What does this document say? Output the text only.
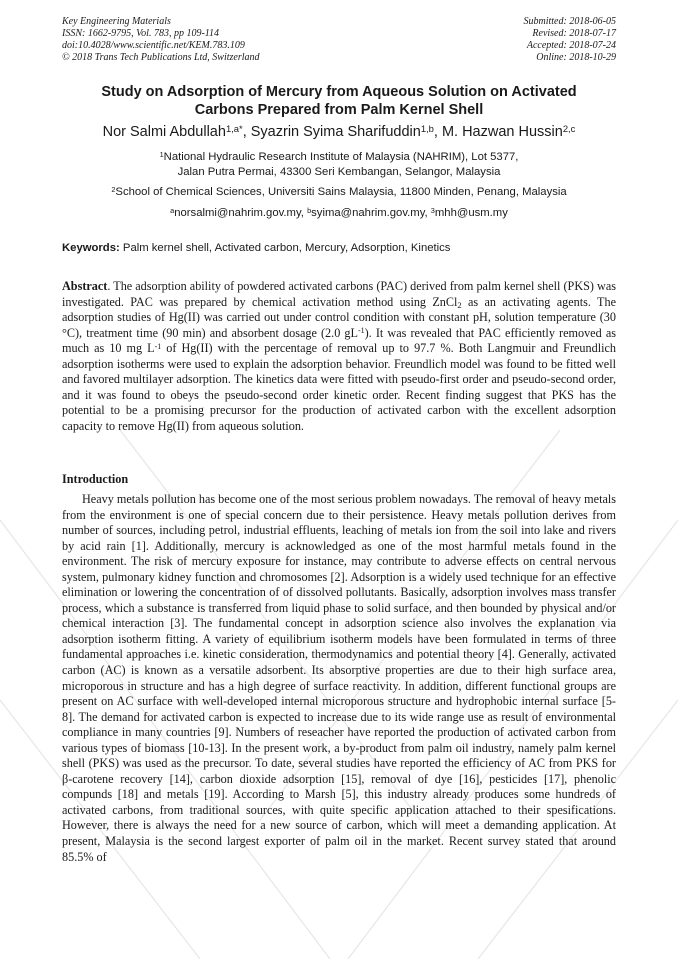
Key Engineering Materials
ISSN: 1662-9795, Vol. 783, pp 109-114
doi:10.4028/www.scientific.net/KEM.783.109
© 2018 Trans Tech Publications Ltd, Switzerland
Submitted: 2018-06-05
Revised: 2018-07-17
Accepted: 2018-07-24
Online: 2018-10-29
Study on Adsorption of Mercury from Aqueous Solution on Activated
Carbons Prepared from Palm Kernel Shell
Nor Salmi Abdullah$^{1,a*}$, Syazrin Syima Sharifuddin$^{1,b}$, M. Hazwan Hussin$^{2,c}$
$^1$National Hydraulic Research Institute of Malaysia (NAHRIM), Lot 5377,
Jalan Putra Permai, 43300 Seri Kembangan, Selangor, Malaysia
$^2$School of Chemical Sciences, Universiti Sains Malaysia, 11800 Minden, Penang, Malaysia
$^a$norsalmi@nahrim.gov.my, $^b$syima@nahrim.gov.my, $^3$mhh@usm.my
Keywords: Palm kernel shell, Activated carbon, Mercury, Adsorption, Kinetics
Abstract. The adsorption ability of powdered activated carbons (PAC) derived from palm kernel shell (PKS) was investigated. PAC was prepared by chemical activation method using ZnCl$_2$ as an activating agents. The adsorption studies of Hg(II) was carried out under control condition with constant pH, solution temperature (30 °C), treatment time (90 min) and absorbent dosage (2.0 $gL^{-1}$). It was revealed that PAC efficiently removed as much as 10 mg $L^{-1}$ of Hg(II) with the percentage of removal up to 97.7 %. Both Langmuir and Freundlich adsorption isotherms were used to explain the adsorption behavior. Freundlich model was found to be fitted well and favored multilayer adsorption. The kinetics data were fitted with pseudo-first order and pseudo-second order, and it was found to obeys the pseudo-second order kinetic order. Recent finding suggest that PKS has the potential to be a promising precursor for the production of activated carbon with the excellent adsorption capacity to remove Hg(II) from aqueous solution.
Introduction
Heavy metals pollution has become one of the most serious problem nowadays. The removal of heavy metals from the environment is one of special concern due to their persistence. Heavy metals pollution derives from number of sources, including petrol, industrial effluents, leaching of metals ion from the soil into lake and rivers by acid rain [1]. Additionally, mercury is acknowledged as one of the most harmful metals found in the environment. The risk of mercury exposure for instance, may contribute to adverse effects on central nervous system, pulmonary kidney function and chromosomes [2]. Adsorption is a widely used technique for an effective elimination or lowering the concentration of of dissolved pollutants. Basically, adsorption involves mass transfer process, which a substance is transferred from liquid phase to solid surface, and then bounded by physical and/or chemical interaction [3]. The fundamental concept in adsorption science also involves the explanation via adsorption isotherm fitting. A variety of equilibrium isotherm models have been formulated in terms of three fundamental approaches i.e. kinetic consideration, thermodynamics and potential theory [4]. Generally, activated carbon (AC) is known as a versatile adsorbent. Its absorptive properties are due to their high surface area, microporous in structure and has a high degree of surface reactivity. In addition, different functional groups are present on AC surface with well-developed internal microporous structure and hydrophobic internal surface [5-8]. The demand for activated carbon is expected to increase due to its wide range use as result of environmental compliance in many countries [9]. Numbers of reseacher have reported the production of activated carbon from various types of biomass [10-13]. In the present work, a by-product from palm oil industry, namely palm kernel shell (PKS) was used as the precursor. To date, several studies have reported the efficiency of AC from PKS for β-carotene recovery [14], carbon dioxide adsorption [15], removal of dye [16], pesticides [17], phenolic compunds [18] and metals [19]. According to Marsh [5], this industry already produces some hundreds of activated carbons, from traditional sources, with quite specific application attached to their spesifications. However, there is always the need for a new source of carbon, which will meet a demanding application. At present, Malaysia is the second largest exporter of palm oil in the market. Recent survey stated that around 85.5% of
